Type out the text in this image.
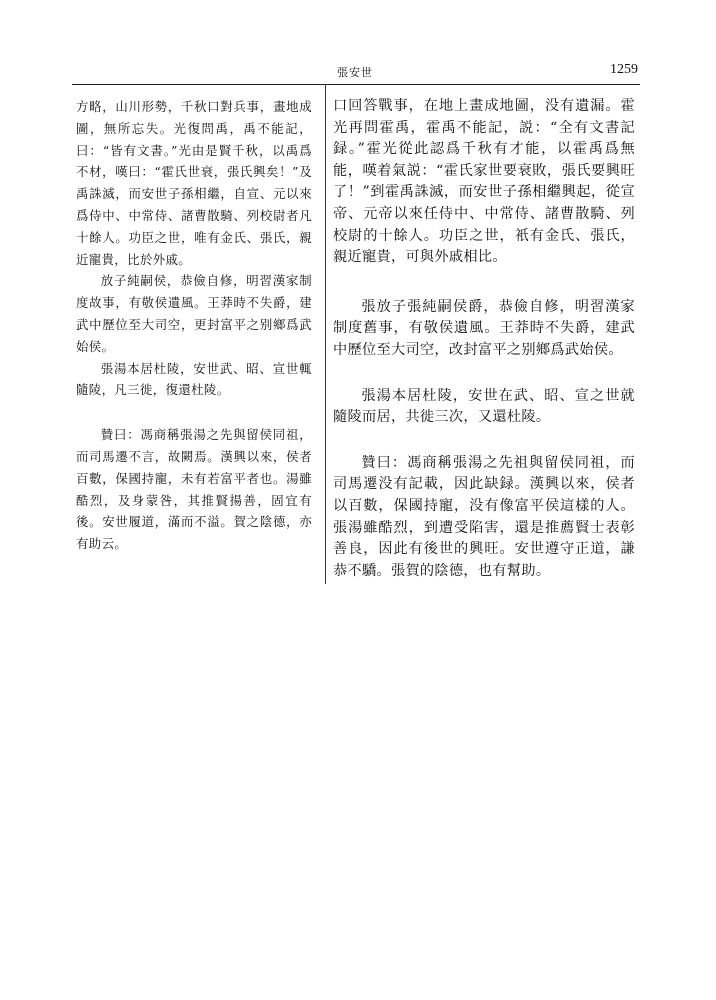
張安世	1259

方略，山川形勢，千秋口對兵事，畫地成圖，無所忘失。光復問禹，禹不能記，曰：“皆有文書。”光由是賢千秋，以禹爲不材，嘆曰：“霍氏世衰，張氏興矣！”及禹誅滅，而安世子孫相繼，自宣、元以來爲侍中、中常侍、諸曹散騎、列校尉者凡十餘人。功臣之世，唯有金氏、張氏，親近寵貴，比於外戚。

放子純嗣侯，恭儉自修，明習漢家制度故事，有敬侯遺風。王莽時不失爵，建武中歷位至大司空，更封富平之别鄉爲武始侯。

張湯本居杜陵，安世武、昭、宣世輒隨陵，凡三徙，復還杜陵。

贊曰：馮商稱張湯之先與留侯同祖，而司馬遷不言，故闕焉。漢興以來，侯者百數，保國持寵，未有若富平者也。湯雖酷烈，及身蒙咎，其推賢揚善，固宜有後。安世履道，滿而不溢。賀之陰德，亦有助云。

口回答戰事，在地上畫成地圖，没有遺漏。霍光再問霍禹，霍禹不能記，説：“全有文書記録。”霍光從此認爲千秋有才能，以霍禹爲無能，嘆着氣説：“霍氏家世要衰敗，張氏要興旺了！”到霍禹誅滅，而安世子孫相繼興起，從宣帝、元帝以來任侍中、中常侍、諸曹散騎、列校尉的十餘人。功臣之世，衹有金氏、張氏，親近寵貴，可與外戚相比。

張放子張純嗣侯爵，恭儉自修，明習漢家制度舊事，有敬侯遺風。王莽時不失爵，建武中歷位至大司空，改封富平之别鄉爲武始侯。

張湯本居杜陵，安世在武、昭、宣之世就隨陵而居，共徙三次，又還杜陵。

贊曰：馮商稱張湯之先祖與留侯同祖，而司馬遷没有記載，因此缺録。漢興以來，侯者以百數，保國持寵，没有像富平侯這樣的人。張湯雖酷烈，到遭受陷害，還是推薦賢士表彰善良，因此有後世的興旺。安世遵守正道，謙恭不驕。張賀的陰德，也有幫助。
